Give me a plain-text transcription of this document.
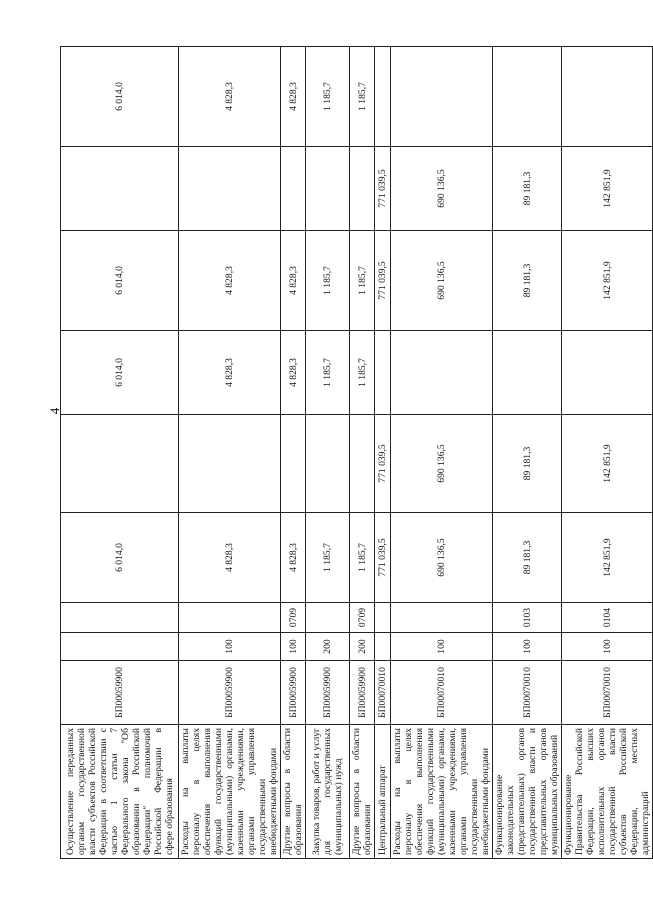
4
Осуществление переданных органам государственной власти субъектов Российской Федерации в соответствии с частью 1 статьи 7 Федерального закона "Об образовании в Российской Федерации" полномочий Российской Федерации в сфере образования	БП00059900			6 014,0		6 014,0	6 014,0		6 014,0
Расходы на выплаты персоналу в целях обеспечения выполнения функций государственными (муниципальными) органами, казенными учреждениями, органами управления государственными внебюджетными фондами	БП00059900	100		4 828,3		4 828,3	4 828,3		4 828,3
Другие вопросы в области образования	БП00059900	100	0709	4 828,3		4 828,3	4 828,3		4 828,3
Закупка товаров, работ и услуг для государственных (муниципальных) нужд	БП00059900	200		1 185,7		1 185,7	1 185,7		1 185,7
Другие вопросы в области образования	БП00059900	200	0709	1 185,7		1 185,7	1 185,7		1 185,7
Центральный аппарат	БП00070010			771 039,5	771 039,5		771 039,5	771 039,5	
Расходы на выплаты персоналу в целях обеспечения выполнения функций государственными (муниципальными) органами, казенными учреждениями, органами управления государственными внебюджетными фондами	БП00070010	100		690 136,5	690 136,5		690 136,5	690 136,5	
Функционирование законодательных (представительных) органов государственной власти и представительных органов муниципальных образований	БП00070010	100	0103	89 181,3	89 181,3		89 181,3	89 181,3	
Функционирование Правительства Российской Федерации, высших исполнительных органов государственной власти субъектов Российской Федерации, местных администраций	БП00070010	100	0104	142 851,9	142 851,9		142 851,9	142 851,9	
